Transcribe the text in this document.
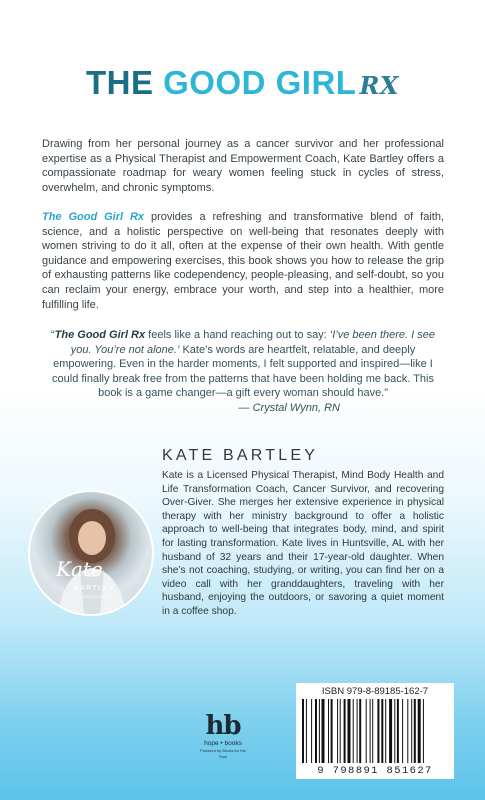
THE GOOD GIRL RX
Drawing from her personal journey as a cancer survivor and her professional expertise as a Physical Therapist and Empowerment Coach, Kate Bartley offers a compassionate roadmap for weary women feeling stuck in cycles of stress, overwhelm, and chronic symptoms.
The Good Girl Rx provides a refreshing and transformative blend of faith, science, and a holistic perspective on well-being that resonates deeply with women striving to do it all, often at the expense of their own health. With gentle guidance and empowering exercises, this book shows you how to release the grip of exhausting patterns like codependency, people-pleasing, and self-doubt, so you can reclaim your energy, embrace your worth, and step into a healthier, more fulfilling life.
“The Good Girl Rx feels like a hand reaching out to say: ‘I’ve been there. I see you. You’re not alone.’ Kate’s words are heartfelt, relatable, and deeply empowering. Even in the harder moments, I felt supported and inspired—like I could finally break free from the patterns that have been holding me back. This book is a game changer—a gift every woman should have.”
— Crystal Wynn, RN
KATE BARTLEY
Kate is a Licensed Physical Therapist, Mind Body Health and Life Transformation Coach, Cancer Survivor, and recovering Over-Giver. She merges her extensive experience in physical therapy with her ministry background to offer a holistic approach to well-being that integrates body, mind, and spirit for lasting transformation. Kate lives in Huntsville, AL with her husband of 32 years and their 17-year-old daughter. When she’s not coaching, studying, or writing, you can find her on a video call with her granddaughters, traveling with her husband, enjoying the outdoors, or savoring a quiet moment in a coffee shop.
Kate
BARTLEY
COACHING
hb
hope • books
Powered by Books for the Soul
ISBN 979-8-89185-162-7
9 798891 851627
